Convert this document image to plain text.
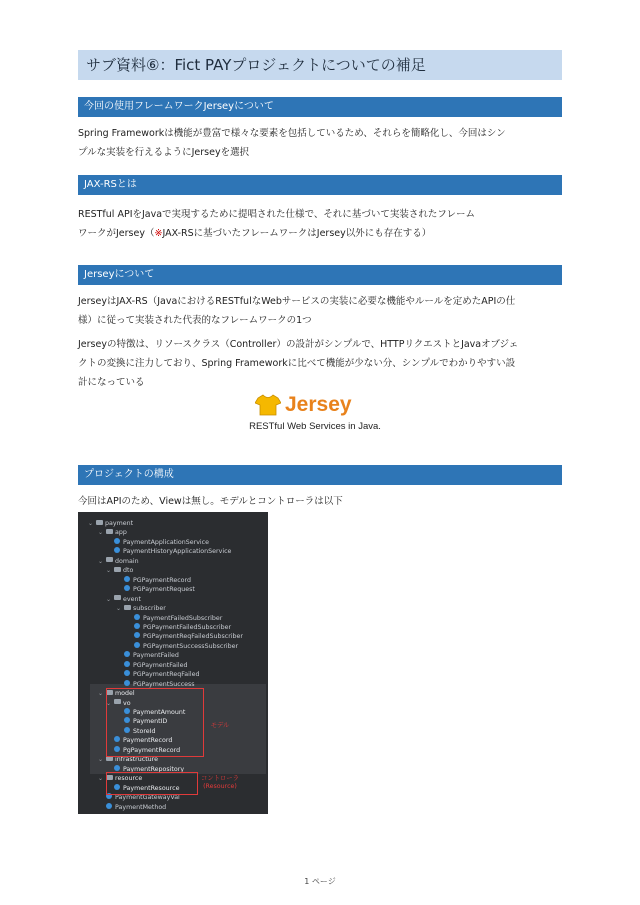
サブ資料⑥：Fict PAYプロジェクトについての補足
今回の使用フレームワークJerseyについて
Spring Frameworkは機能が豊富で様々な要素を包括しているため、それらを簡略化し、今回はシン
プルな実装を行えるようにJerseyを選択
JAX-RSとは
RESTful APIをJavaで実現するために提唱された仕様で、それに基づいて実装されたフレーム
ワークがJersey（※JAX-RSに基づいたフレームワークはJersey以外にも存在する）
Jerseyについて
JerseyはJAX-RS（JavaにおけるRESTfulなWebサービスの実装に必要な機能やルールを定めたAPIの仕
様）に従って実装された代表的なフレームワークの1つ
Jerseyの特徴は、リソースクラス（Controller）の設計がシンプルで、HTTPリクエストとJavaオブジェ
クトの変換に注力しており、Spring Frameworkに比べて機能が少ない分、シンプルでわかりやすい設
計になっている
Jersey
RESTful Web Services in Java.
プロジェクトの構成
今回はAPIのため、Viewは無し。モデルとコントローラは以下
⌄ payment
⌄ app
PaymentApplicationService
PaymentHistoryApplicationService
⌄ domain
⌄ dto
PGPaymentRecord
PGPaymentRequest
⌄ event
⌄ subscriber
PaymentFailedSubscriber
PGPaymentFailedSubscriber
PGPaymentReqFailedSubscriber
PGPaymentSuccessSubscriber
PaymentFailed
PGPaymentFailed
PGPaymentReqFailed
PGPaymentSuccess
⌄ model
⌄ vo
PaymentAmount
PaymentID
StoreId
PaymentRecord
PgPaymentRecord
⌄ infrastructure
PaymentRepository
⌄ resource
PaymentResource
PaymentGatewayVal
PaymentMethod
モデル
コントローラ
(Resource)
1 ページ
